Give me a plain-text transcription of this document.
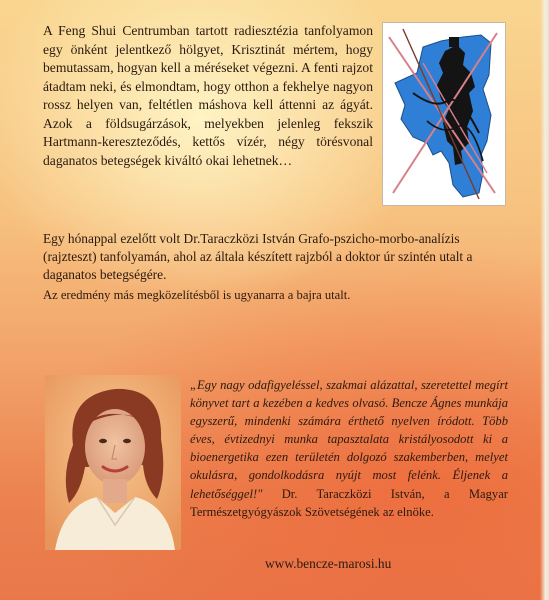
A Feng Shui Centrumban tartott radiesztézia tanfolyamon egy önként jelentkező hölgyet, Krisztinát mértem, hogy bemutassam, hogyan kell a méréseket végezni. A fenti rajzot átadtam neki, és elmondtam, hogy otthon a fekhelye nagyon rossz helyen van, feltétlen máshova kell áttenni az ágyát. Azok a földsugárzások, melyekben jelenleg fekszik Hartmann-kereszteződés, kettős vízér, négy törésvonal daganatos betegségek kiváltó okai lehetnek…

Egy hónappal ezelőtt volt Dr.Taraczközi István Grafo-pszicho-morbo-analízis (rajzteszt) tanfolyamán, ahol az általa készített rajzból a doktor úr szintén utalt a daganatos betegségére.

Az eredmény más megközelítésből is ugyanarra a bajra utalt.

„Egy nagy odafigyeléssel, szakmai alázattal, szeretettel megírt könyvet tart a kezében a kedves olvasó. Bencze Ágnes munkája egyszerű, mindenki számára érthető nyelven íródott. Több éves, évtizednyi munka tapasztalata kristályosodott ki a bioenergetika ezen területén dolgozó szakemberben, melyet okulásra, gondolkodásra nyújt most felénk. Éljenek a lehetőséggel!" Dr. Taraczközi István, a Magyar Természetgyógyászok Szövetségének az elnöke.

www.bencze-marosi.hu
